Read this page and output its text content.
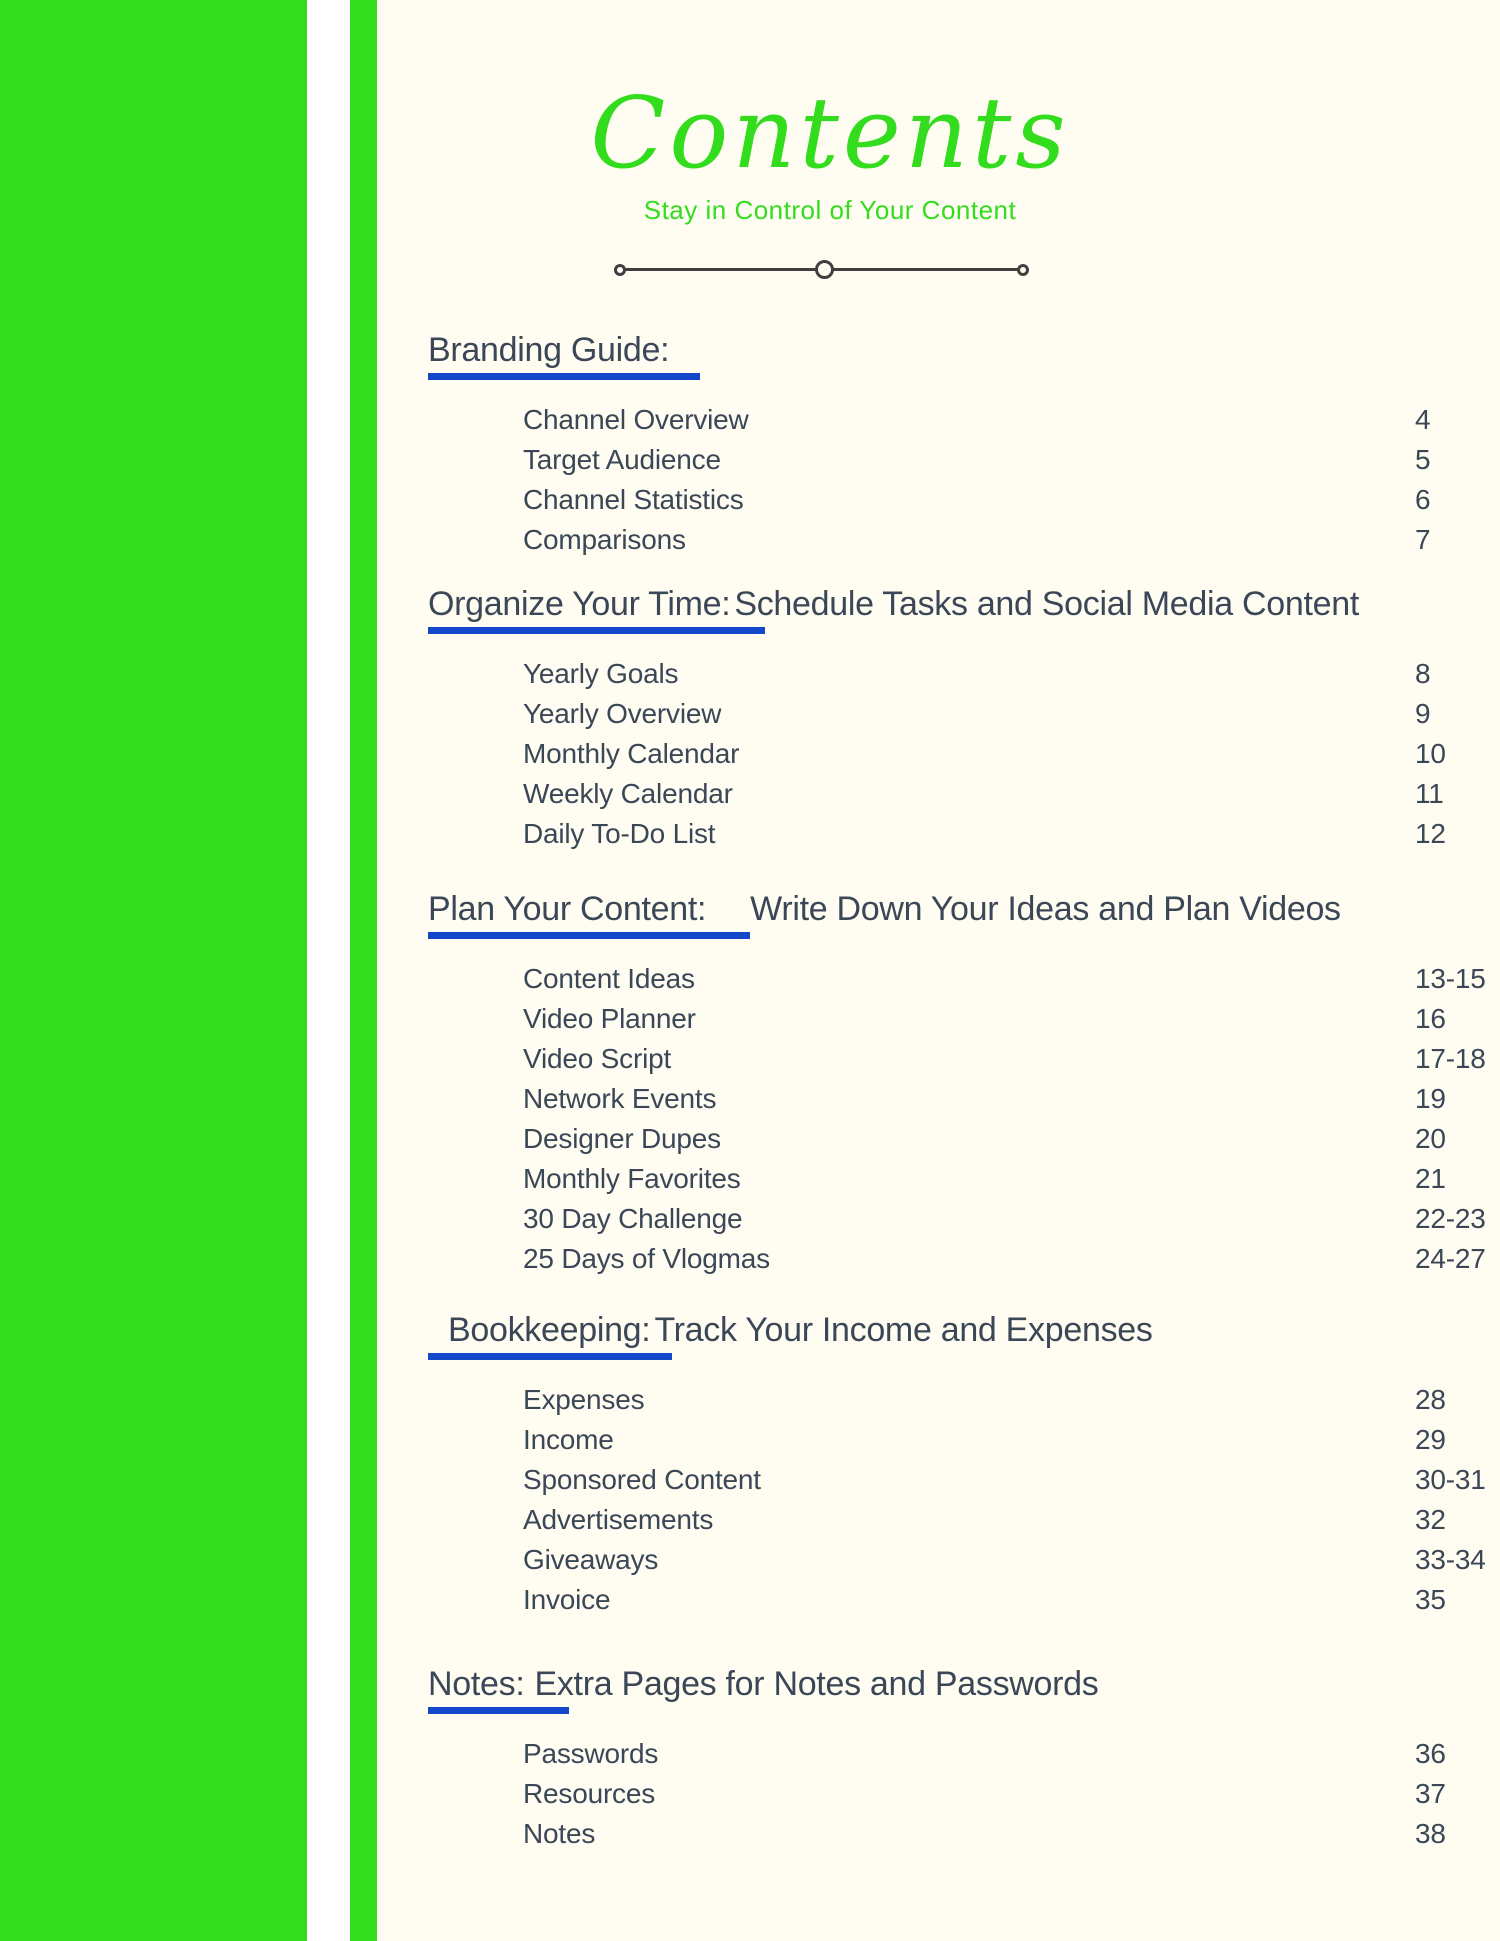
Contents
Stay in Control of Your Content
Branding Guide:
Channel Overview	4
Target Audience	5
Channel Statistics	6
Comparisons	7
Organize Your Time: Schedule Tasks and Social Media Content
Yearly Goals	8
Yearly Overview	9
Monthly Calendar	10
Weekly Calendar	11
Daily To-Do List	12
Plan Your Content: Write Down Your Ideas and Plan Videos
Content Ideas	13-15
Video Planner	16
Video Script	17-18
Network Events	19
Designer Dupes	20
Monthly Favorites	21
30 Day Challenge	22-23
25 Days of Vlogmas	24-27
Bookkeeping: Track Your Income and Expenses
Expenses	28
Income	29
Sponsored Content	30-31
Advertisements	32
Giveaways	33-34
Invoice	35
Notes: Extra Pages for Notes and Passwords
Passwords	36
Resources	37
Notes	38
